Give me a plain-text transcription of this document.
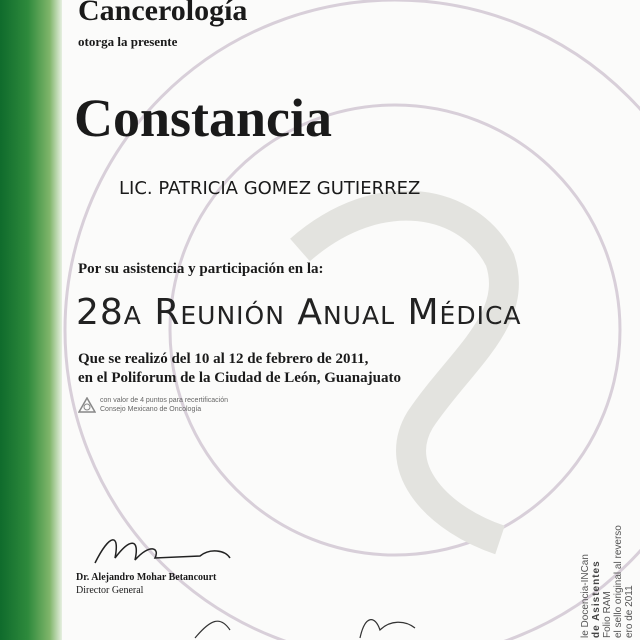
Cancerología
otorga la presente
Constancia
LIC. PATRICIA GOMEZ GUTIERREZ
Por su asistencia y participación en la:
28a Reunión Anual Médica
Que se realizó del 10 al 12 de febrero de 2011,
en el Poliforum de la Ciudad de León, Guanajuato
con valor de 4 puntos para recertificación
Consejo Mexicano de Oncología
Dr. Alejandro Mohar Betancourt
Director General	le Docencia-INCan de Asistentes Folio RAM el sello original al reverso ero de 2011
